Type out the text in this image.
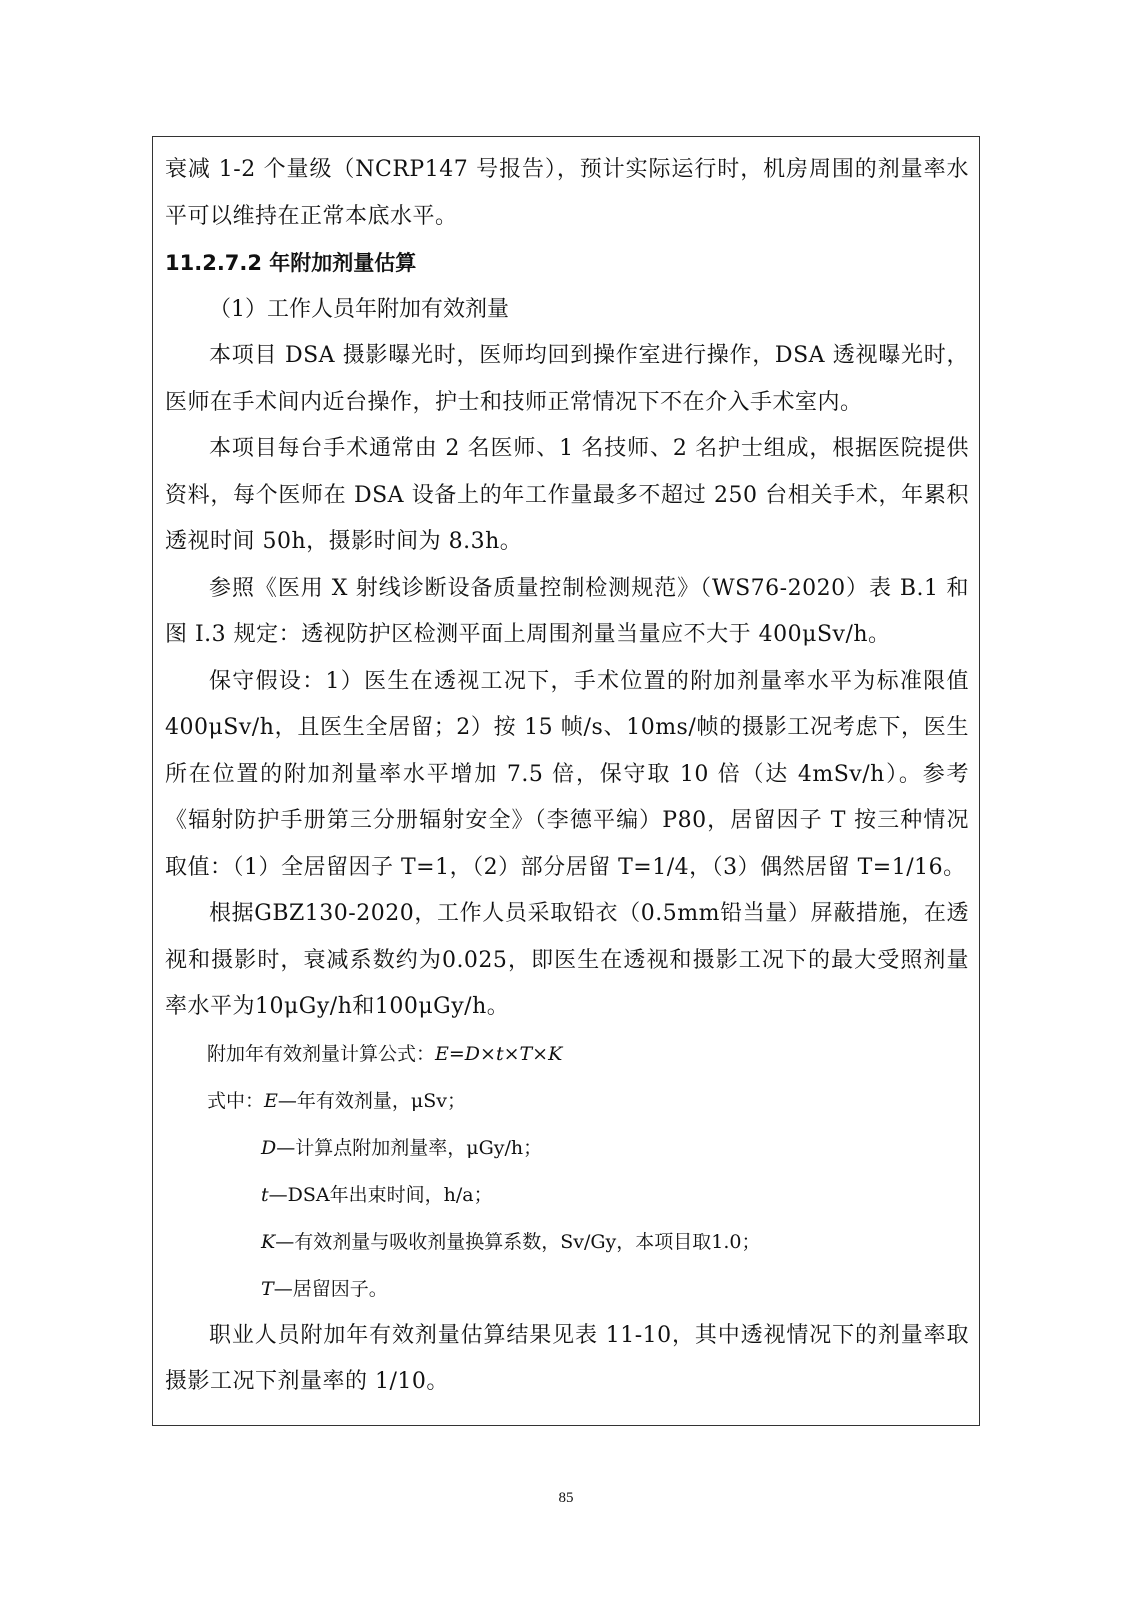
衰减 1-2 个量级（NCRP147 号报告），预计实际运行时，机房周围的剂量率水平可以维持在正常本底水平。

11.2.7.2 年附加剂量估算

（1）工作人员年附加有效剂量

本项目 DSA 摄影曝光时，医师均回到操作室进行操作，DSA 透视曝光时，医师在手术间内近台操作，护士和技师正常情况下不在介入手术室内。

本项目每台手术通常由 2 名医师、1 名技师、2 名护士组成，根据医院提供资料，每个医师在 DSA 设备上的年工作量最多不超过 250 台相关手术，年累积透视时间 50h，摄影时间为 8.3h。

参照《医用 X 射线诊断设备质量控制检测规范》（WS76-2020）表 B.1 和图 I.3 规定：透视防护区检测平面上周围剂量当量应不大于 400μSv/h。

保守假设：1）医生在透视工况下，手术位置的附加剂量率水平为标准限值 400μSv/h，且医生全居留；2）按 15 帧/s、10ms/帧的摄影工况考虑下，医生所在位置的附加剂量率水平增加 7.5 倍，保守取 10 倍（达 4mSv/h）。参考《辐射防护手册第三分册辐射安全》（李德平编）P80，居留因子 T 按三种情况取值：（1）全居留因子 T=1，（2）部分居留 T=1/4，（3）偶然居留 T=1/16。

根据GBZ130-2020，工作人员采取铅衣（0.5mm铅当量）屏蔽措施，在透视和摄影时，衰减系数约为0.025，即医生在透视和摄影工况下的最大受照剂量率水平为10μGy/h和100μGy/h。

附加年有效剂量计算公式：E=D×t×T×K

式中：E—年有效剂量，μSv；

D—计算点附加剂量率，μGy/h；

t—DSA年出束时间，h/a；

K—有效剂量与吸收剂量换算系数，Sv/Gy，本项目取1.0；

T—居留因子。

职业人员附加年有效剂量估算结果见表 11-10，其中透视情况下的剂量率取摄影工况下剂量率的 1/10。

85
